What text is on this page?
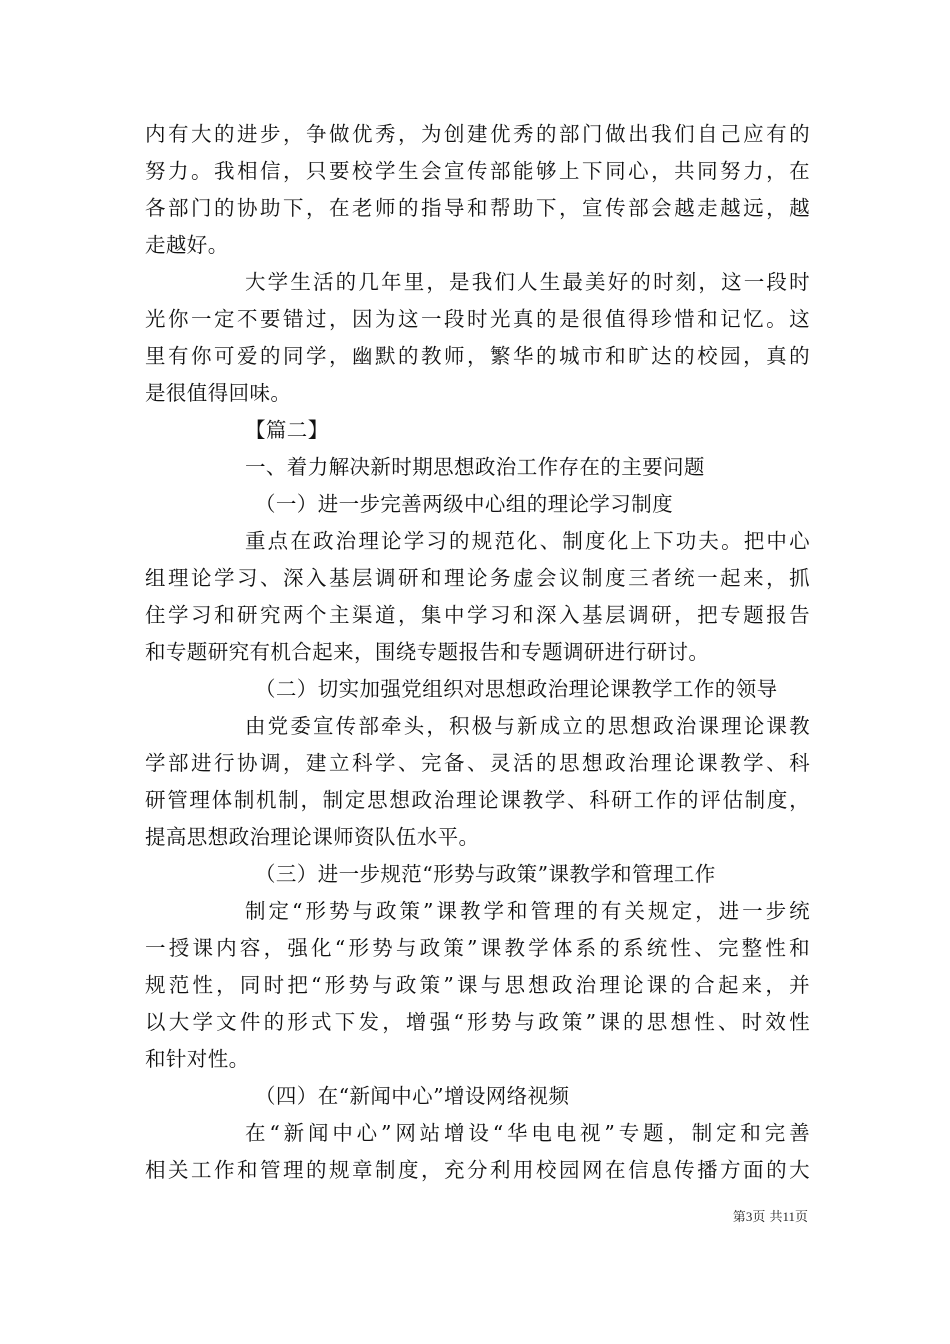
内有大的进步，争做优秀，为创建优秀的部门做出我们自己应有的
努力。我相信，只要校学生会宣传部能够上下同心，共同努力，在
各部门的协助下，在老师的指导和帮助下，宣传部会越走越远，越
走越好。
大学生活的几年里，是我们人生最美好的时刻，这一段时
光你一定不要错过，因为这一段时光真的是很值得珍惜和记忆。这
里有你可爱的同学，幽默的教师，繁华的城市和旷达的校园，真的
是很值得回味。
【篇二】
一、着力解决新时期思想政治工作存在的主要问题
（一）进一步完善两级中心组的理论学习制度
重点在政治理论学习的规范化、制度化上下功夫。把中心
组理论学习、深入基层调研和理论务虚会议制度三者统一起来，抓
住学习和研究两个主渠道，集中学习和深入基层调研，把专题报告
和专题研究有机合起来，围绕专题报告和专题调研进行研讨。
（二）切实加强党组织对思想政治理论课教学工作的领导
由党委宣传部牵头，积极与新成立的思想政治课理论课教
学部进行协调，建立科学、完备、灵活的思想政治理论课教学、科
研管理体制机制，制定思想政治理论课教学、科研工作的评估制度，
提高思想政治理论课师资队伍水平。
（三）进一步规范“形势与政策”课教学和管理工作
制定“形势与政策”课教学和管理的有关规定，进一步统
一授课内容，强化“形势与政策”课教学体系的系统性、完整性和
规范性，同时把“形势与政策”课与思想政治理论课的合起来，并
以大学文件的形式下发，增强“形势与政策”课的思想性、时效性
和针对性。
（四）在“新闻中心”增设网络视频
在“新闻中心”网站增设“华电电视”专题，制定和完善
相关工作和管理的规章制度，充分利用校园网在信息传播方面的大
第3页 共11页
